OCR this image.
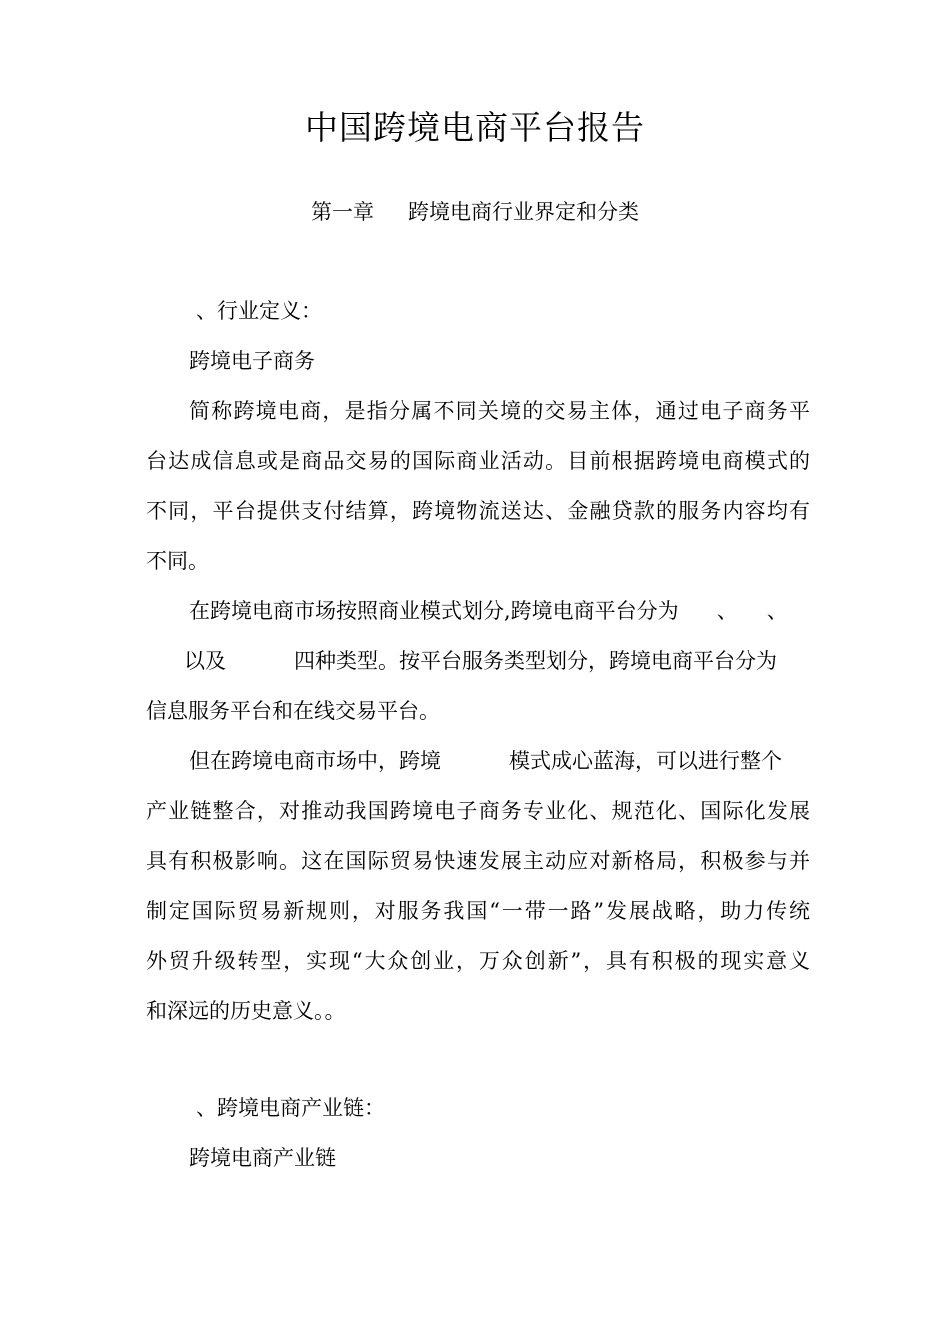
中国跨境电商平台报告
第一章 跨境电商行业界定和分类
、行业定义：
跨境电子商务
简称跨境电商，是指分属不同关境的交易主体，通过电子商务平
台达成信息或是商品交易的国际商业活动。目前根据跨境电商模式的
不同，平台提供支付结算，跨境物流送达、金融贷款的服务内容均有
不同。
在跨境电商市场按照商业模式划分,跨境电商平台分为 、 、
以及	四种类型。按平台服务类型划分，跨境电商平台分为
信息服务平台和在线交易平台。
但在跨境电商市场中，跨境	模式成心蓝海，可以进行整个
产业链整合，对推动我国跨境电子商务专业化、规范化、国际化发展
具有积极影响。这在国际贸易快速发展主动应对新格局，积极参与并
制定国际贸易新规则，对服务我国“一带一路”发展战略，助力传统
外贸升级转型，实现“大众创业，万众创新”，具有积极的现实意义
和深远的历史意义。。
、跨境电商产业链：
跨境电商产业链
